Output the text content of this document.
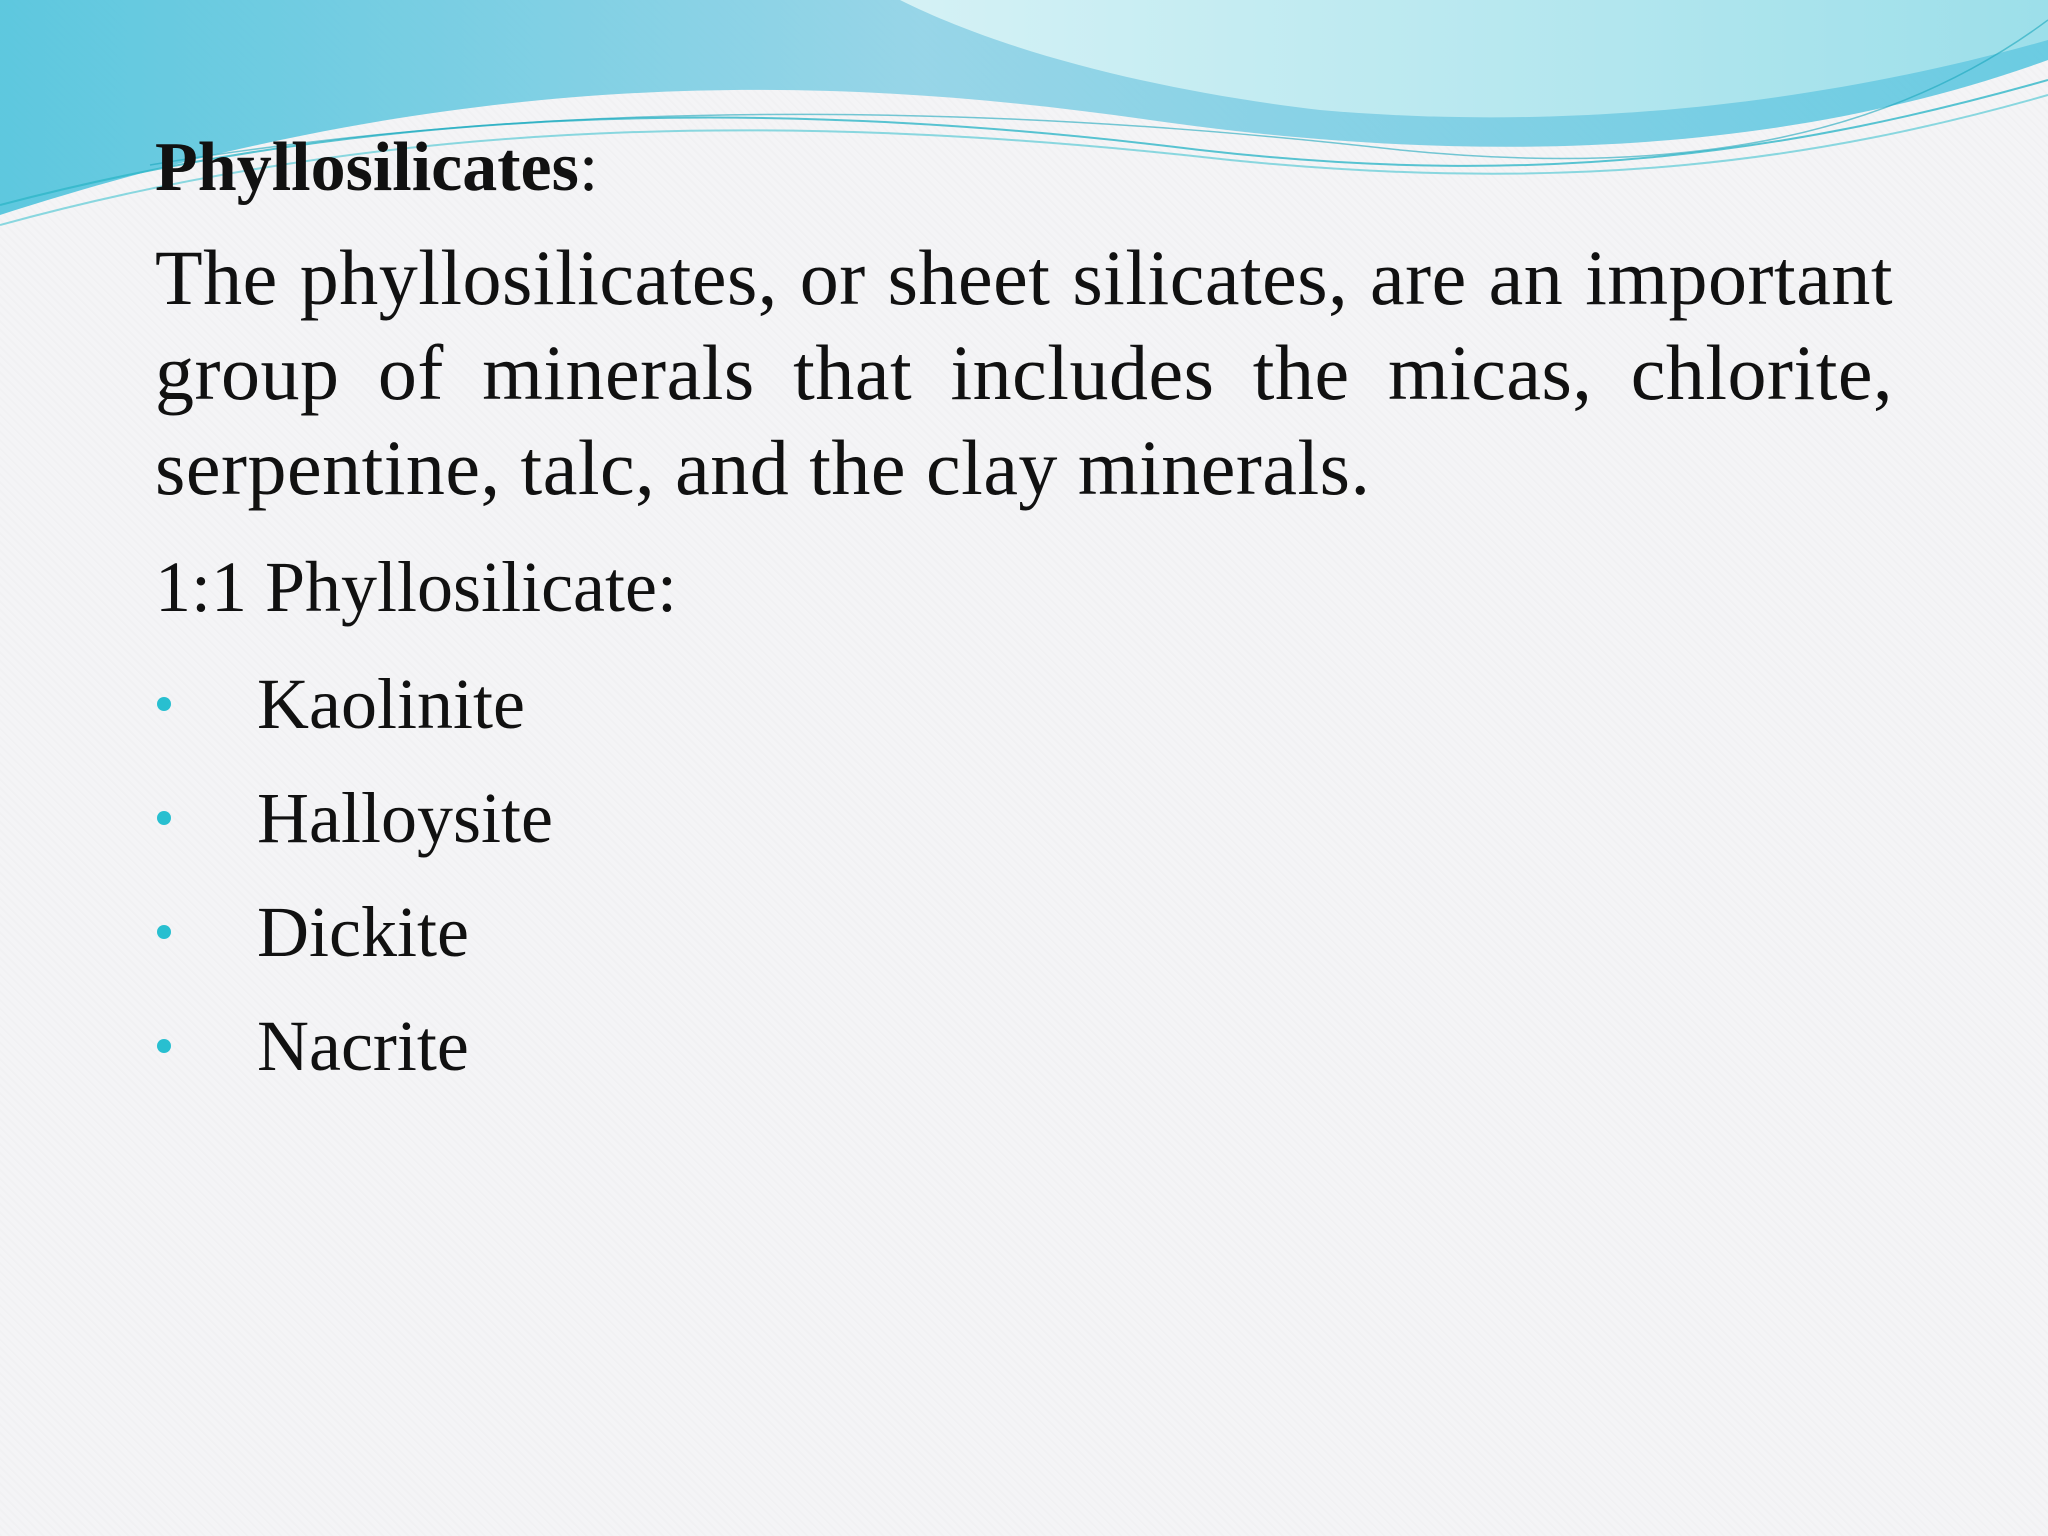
Phyllosilicates:

The phyllosilicates, or sheet silicates, are an important group of minerals that includes the micas, chlorite, serpentine, talc, and the clay minerals.

1:1 Phyllosilicate:
Kaolinite
Halloysite
Dickite
Nacrite
